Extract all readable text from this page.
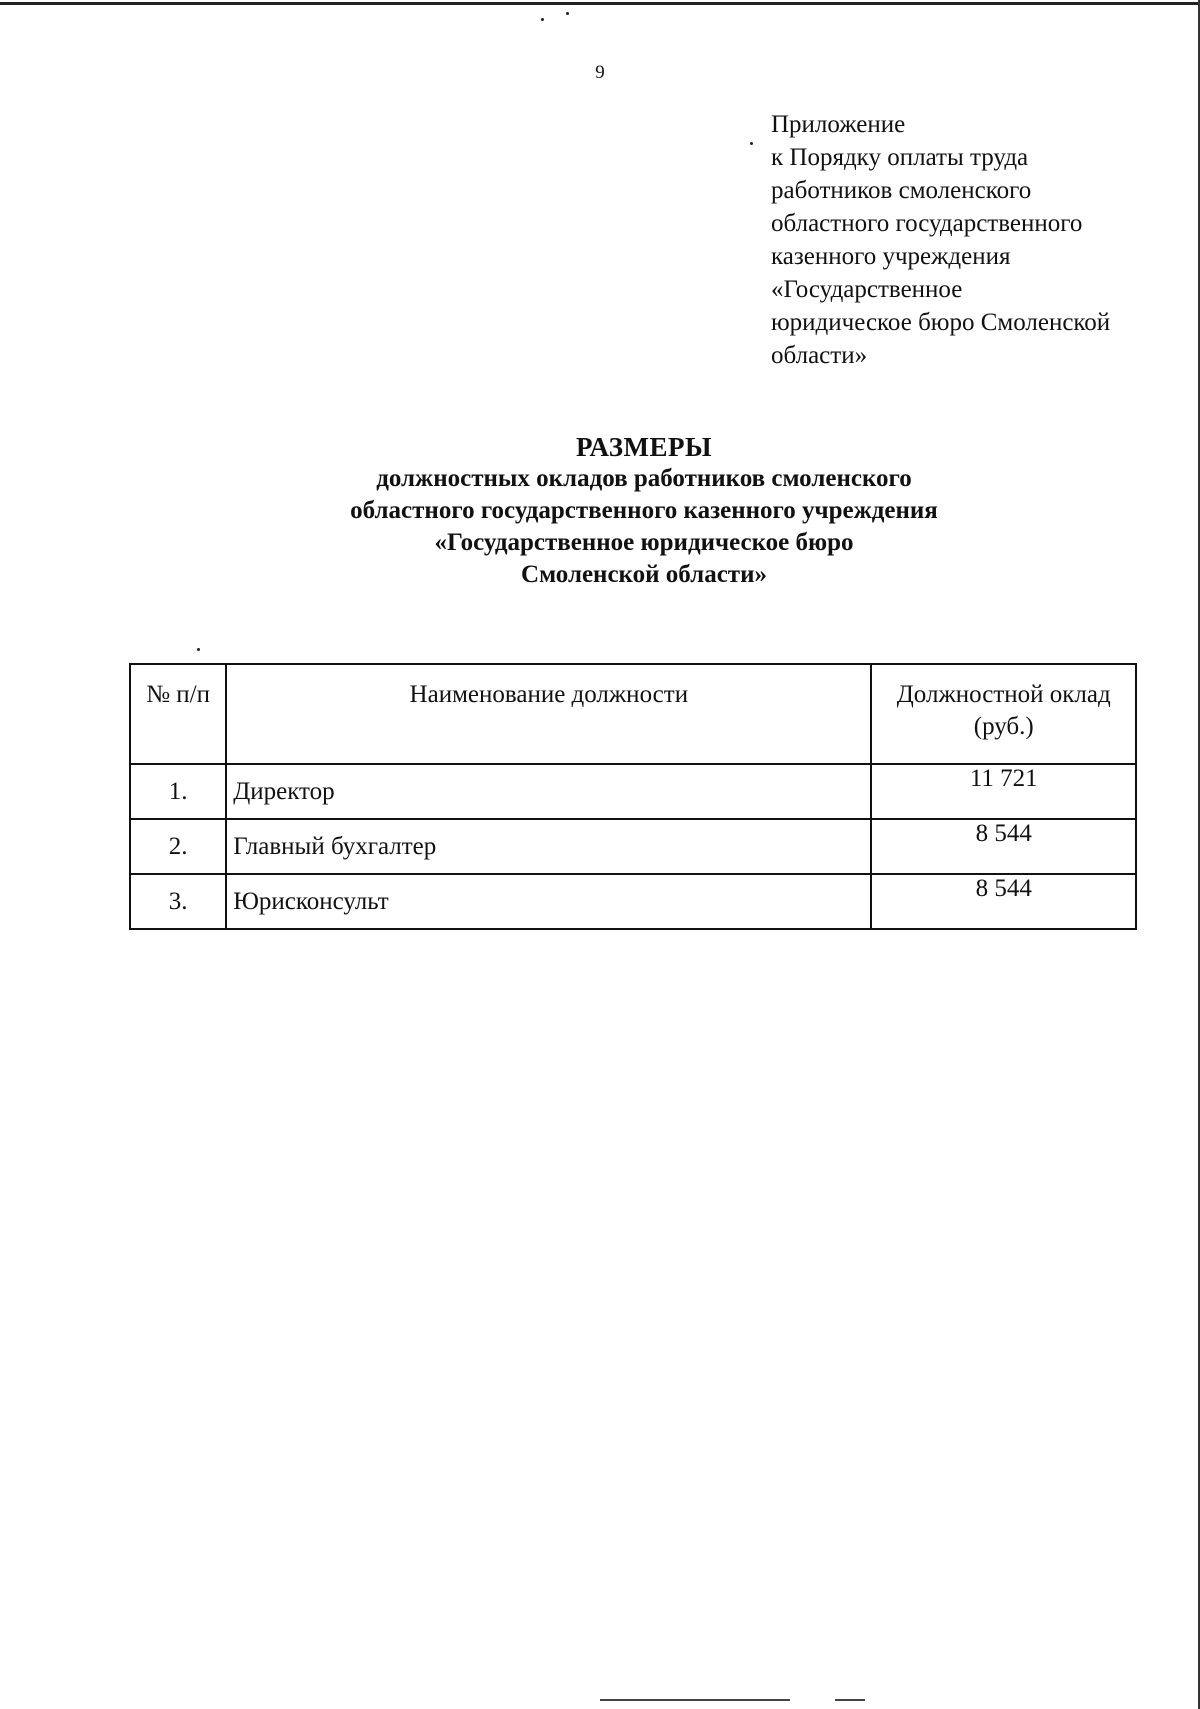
9
Приложение
к Порядку оплаты труда
работников смоленского
областного государственного
казенного учреждения
«Государственное
юридическое бюро Смоленской
области»
РАЗМЕРЫ
должностных окладов работников смоленского
областного государственного казенного учреждения
«Государственное юридическое бюро
Смоленской области»
№ п/п	Наименование должности	Должностной оклад
(руб.)

1.	Директор	11 721
2.	Главный бухгалтер	8 544
3.	Юрисконсульт	8 544
